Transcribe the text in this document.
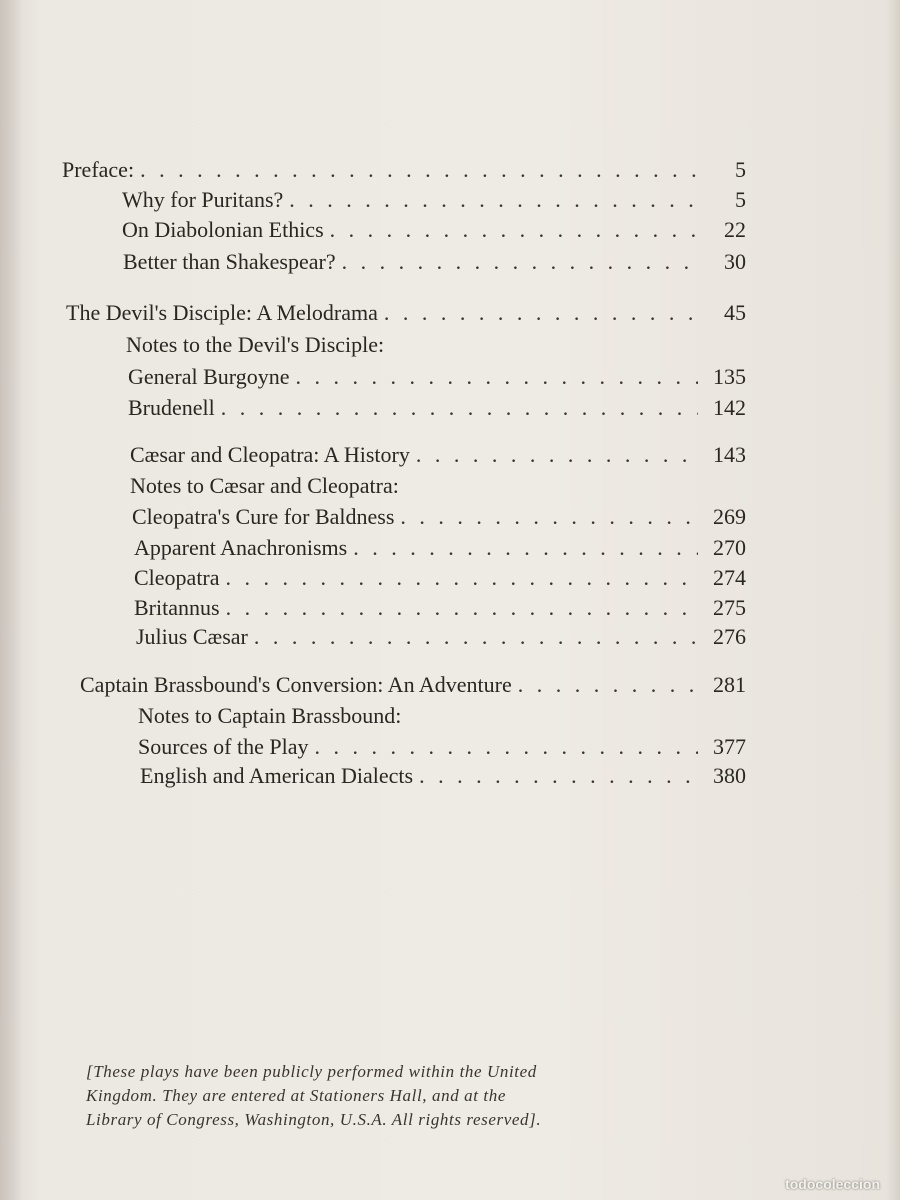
Preface: . . .	5
Why for Puritans? . . .	5
On Diabolonian Ethics . . .	22
Better than Shakespear? . . .	30
The Devil's Disciple: A Melodrama . . .	45
Notes to the Devil's Disciple:
General Burgoyne . . .	135
Brudenell . . .	142
Cæsar and Cleopatra: A History . . .	143
Notes to Cæsar and Cleopatra:
Cleopatra's Cure for Baldness . . .	269
Apparent Anachronisms . . .	270
Cleopatra . . .	274
Britannus . . .	275
Julius Cæsar . . .	276
Captain Brassbound's Conversion: An Adventure . . .	281
Notes to Captain Brassbound:
Sources of the Play . . .	377
English and American Dialects . . .	380
[These plays have been publicly performed within the United
Kingdom. They are entered at Stationers Hall, and at the
Library of Congress, Washington, U.S.A. All rights reserved].
todocoleccion
